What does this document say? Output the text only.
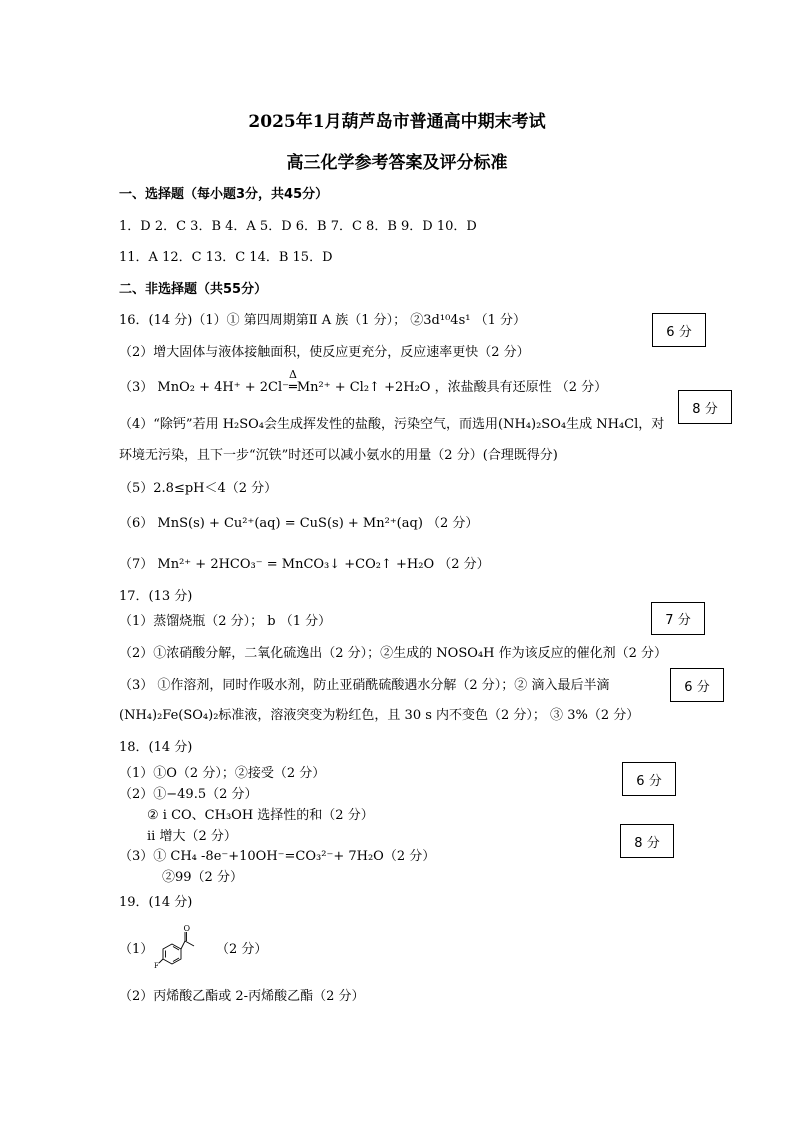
2025年1月葫芦岛市普通高中期末考试
高三化学参考答案及评分标准
一、选择题（每小题3分，共45分）
1．D 2．C 3．B 4．A 5．D 6．B 7．C 8．B 9．D 10．D
11．A 12．C 13．C 14．B 15．D
二、非选择题（共55分）
16．(14 分)（1）① 第四周期第Ⅱ A 族（1 分）； ②3d¹⁰4s¹ （1 分）
（2）增大固体与液体接触面积，使反应更充分，反应速率更快（2 分）
（3） MnO₂ + 4H⁺ + 2Cl⁻
Δ
═Mn²⁺ + Cl₂↑ +2H₂O ，浓盐酸具有还原性 （2 分）
（4）“除钙”若用 H₂SO₄会生成挥发性的盐酸，污染空气，而选用(NH₄)₂SO₄生成 NH₄Cl，对
环境无污染，且下一步“沉铁”时还可以减小氨水的用量（2 分）(合理既得分)
（5）2.8≤pH＜4（2 分）
（6） MnS(s) + Cu²⁺(aq) = CuS(s) + Mn²⁺(aq) （2 分）
（7） Mn²⁺ + 2HCO₃⁻ = MnCO₃↓ +CO₂↑ +H₂O （2 分）
17．(13 分)
（1）蒸馏烧瓶（2 分）； b （1 分）
（2）①浓硝酸分解，二氧化硫逸出（2 分）；②生成的 NOSO₄H 作为该反应的催化剂（2 分）
（3） ①作溶剂，同时作吸水剂，防止亚硝酰硫酸遇水分解（2 分）；② 滴入最后半滴
(NH₄)₂Fe(SO₄)₂标准液，溶液突变为粉红色，且 30 s 内不变色（2 分）； ③ 3%（2 分）
18．(14 分)
（1）①O（2 分）；②接受（2 分）
（2）①−49.5（2 分）
② i CO、CH₃OH 选择性的和（2 分）
ii 增大（2 分）
（3）① CH₄ -8e⁻+10OH⁻=CO₃²⁻+ 7H₂O（2 分）
②99（2 分）
19．(14 分)
（1）
O
F
（2 分）
（2）丙烯酸乙酯或 2-丙烯酸乙酯（2 分）
6 分
8 分
7 分
6 分
6 分
8 分
